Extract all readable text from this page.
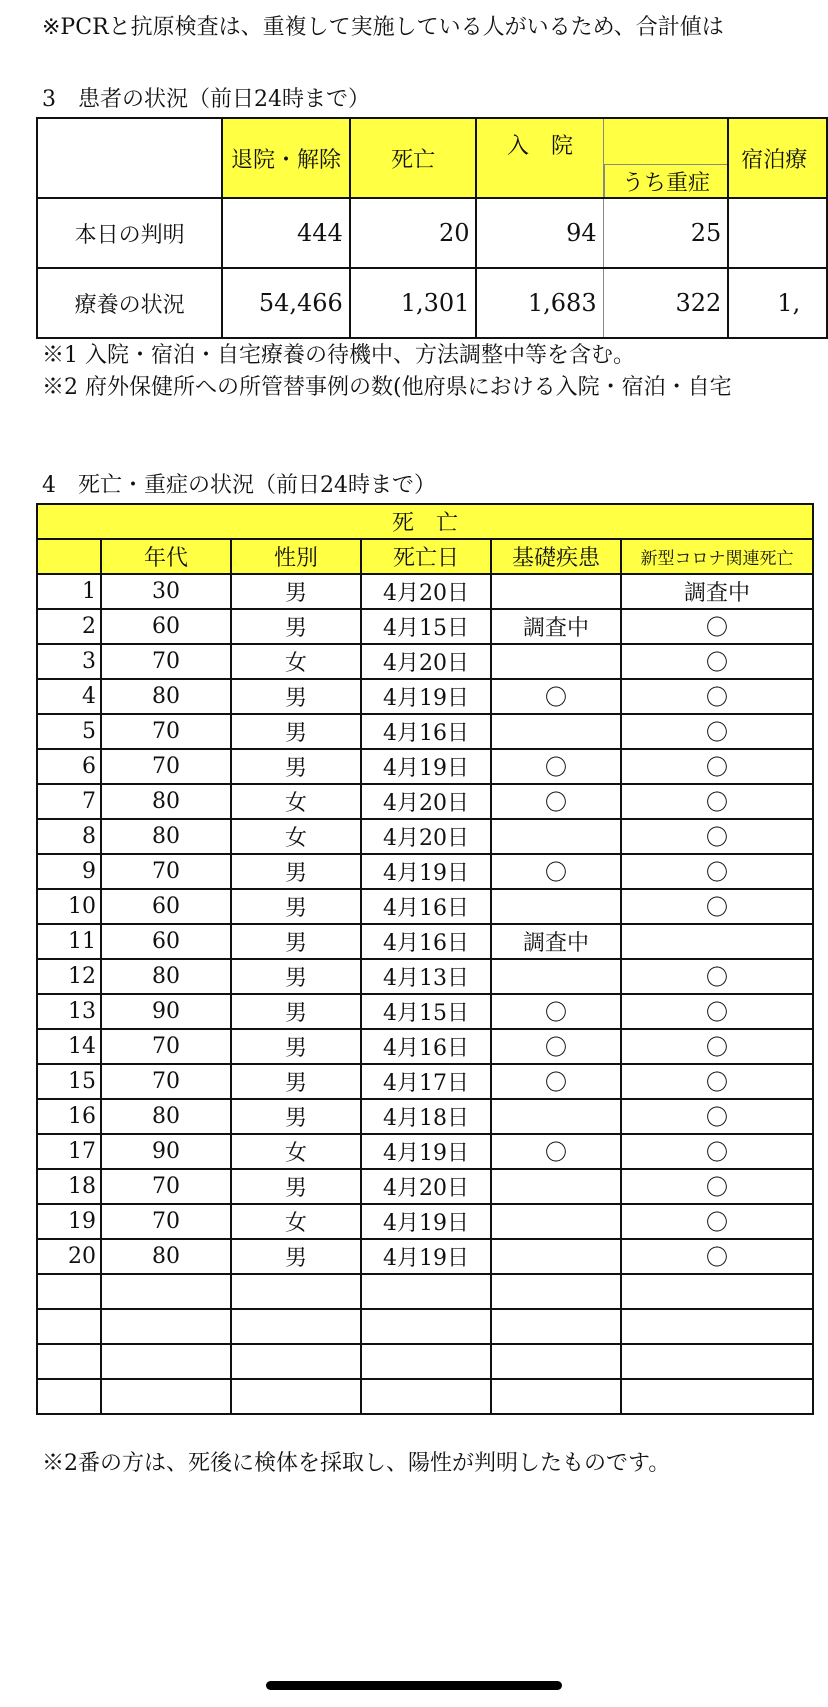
※PCRと抗原検査は、重複して実施している人がいるため、合計値は
3　患者の状況（前日24時まで）
	退院・解除	死亡	入　院	うち重症	宿泊療
本日の判明	444	20	94	25	
療養の状況	54,466	1,301	1,683	322	1,
※1 入院・宿泊・自宅療養の待機中、方法調整中等を含む。
※2 府外保健所への所管替事例の数(他府県における入院・宿泊・自宅
4　死亡・重症の状況（前日24時まで）
死　亡					
	年代	性別	死亡日	基礎疾患	新型コロナ関連死亡
1	30	男	4月20日		調査中
2	60	男	4月15日	調査中	〇
3	70	女	4月20日		〇
4	80	男	4月19日	〇	〇
5	70	男	4月16日		〇
6	70	男	4月19日	〇	〇
7	80	女	4月20日	〇	〇
8	80	女	4月20日		〇
9	70	男	4月19日	〇	〇
10	60	男	4月16日		〇
11	60	男	4月16日	調査中	
12	80	男	4月13日		〇
13	90	男	4月15日	〇	〇
14	70	男	4月16日	〇	〇
15	70	男	4月17日	〇	〇
16	80	男	4月18日		〇
17	90	女	4月19日	〇	〇
18	70	男	4月20日		〇
19	70	女	4月19日		〇
20	80	男	4月19日		〇

※2番の方は、死後に検体を採取し、陽性が判明したものです。
